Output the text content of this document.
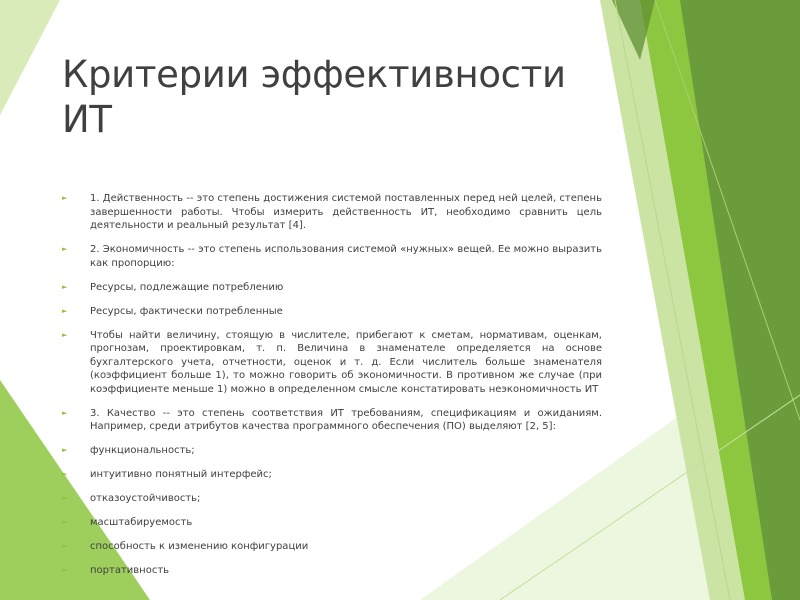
Критерии эффективности ИТ
►	1. Действенность -- это степень достижения системой поставленных перед ней целей, степень завершенности работы. Чтобы измерить действенность ИТ, необходимо сравнить цель деятельности и реальный результат [4].
►	2. Экономичность -- это степень использования системой «нужных» вещей. Ее можно выразить как пропорцию:
►	Ресурсы, подлежащие потреблению
►	Ресурсы, фактически потребленные
►	Чтобы найти величину, стоящую в числителе, прибегают к сметам, нормативам, оценкам, прогнозам, проектировкам, т. п. Величина в знаменателе определяется на основе бухгалтерского учета, отчетности, оценок и т. д. Если числитель больше знаменателя (коэффициент больше 1), то можно говорить об экономичности. В противном же случае (при коэффициенте меньше 1) можно в определенном смысле констатировать неэкономичность ИТ
►	3. Качество -- это степень соответствия ИТ требованиям, спецификациям и ожиданиям. Например, среди атрибутов качества программного обеспечения (ПО) выделяют [2, 5]:
►	функциональность;
►	интуитивно понятный интерфейс;
►	отказоустойчивость;
►	масштабируемость
►	способность к изменению конфигурации
►	портативность
